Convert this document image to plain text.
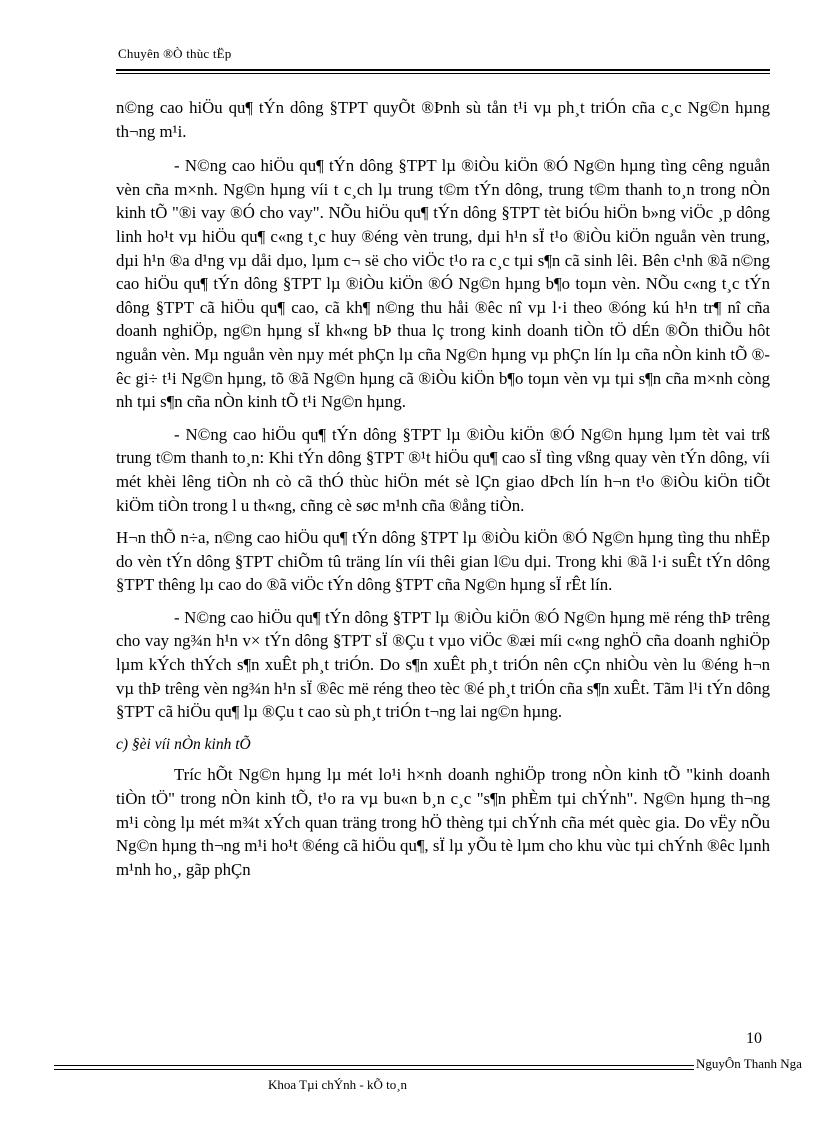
Chuyên ®Ò thùc tËp

n©ng cao hiÖu qu¶ tÝn dông §TPT quyÕt ®Þnh sù tån t¹i vµ ph¸t triÓn cña c¸c Ng©n hµng th¬ng m¹i.

- N©ng cao hiÖu qu¶ tÝn dông §TPT lµ ®iÒu kiÖn ®Ó Ng©n hµng tìng cêng nguån vèn cña m×nh. Ng©n hµng víi t c¸ch lµ trung t©m tÝn dông, trung t©m thanh to¸n trong nÒn kinh tÕ "®i vay ®Ó cho vay". NÕu hiÖu qu¶ tÝn dông §TPT tèt biÓu hiÖn b»ng viÖc ¸p dông linh ho¹t vµ hiÖu qu¶ c«ng t¸c huy ®éng vèn trung, dµi h¹n sÏ t¹o ®iÒu kiÖn nguån vèn trung, dµi h¹n ®a d¹ng vµ dåi dµo, lµm c¬ së cho viÖc t¹o ra c¸c tµi s¶n cã sinh lêi. Bên c¹nh ®ã n©ng cao hiÖu qu¶ tÝn dông §TPT lµ ®iÒu kiÖn ®Ó Ng©n hµng b¶o toµn vèn. NÕu c«ng t¸c tÝn dông §TPT cã hiÖu qu¶ cao, cã kh¶ n©ng thu håi ®êc nî vµ l·i theo ®óng kú h¹n tr¶ nî cña doanh nghiÖp, ng©n hµng sÏ kh«ng bÞ thua lç trong kinh doanh tiÒn tÖ dÉn ®Õn thiÕu hôt nguån vèn. Mµ nguån vèn nµy mét phÇn lµ cña Ng©n hµng vµ phÇn lín lµ cña nÒn kinh tÕ ®êc gi÷ t¹i Ng©n hµng, tõ ®ã Ng©n hµng cã ®iÒu kiÖn b¶o toµn vèn vµ tµi s¶n cña m×nh còng nh tµi s¶n cña nÒn kinh tÕ t¹i Ng©n hµng.

- N©ng cao hiÖu qu¶ tÝn dông §TPT lµ ®iÒu kiÖn ®Ó Ng©n hµng lµm tèt vai trß trung t©m thanh to¸n: Khi tÝn dông §TPT ®¹t hiÖu qu¶ cao sÏ tìng vßng quay vèn tÝn dông, víi mét khèi lêng tiÒn nh cò cã thÓ thùc hiÖn mét sè lÇn giao dÞch lín h¬n t¹o ®iÒu kiÖn tiÕt kiÖm tiÒn trong l u th«ng, cñng cè søc m¹nh cña ®ång tiÒn.

H¬n thÕ n÷a, n©ng cao hiÖu qu¶ tÝn dông §TPT lµ ®iÒu kiÖn ®Ó Ng©n hµng tìng thu nhËp do vèn tÝn dông §TPT chiÕm tû träng lín víi thêi gian l©u dµi. Trong khi ®ã l·i suÊt tÝn dông §TPT thêng lµ cao do ®ã viÖc tÝn dông §TPT cña Ng©n hµng sÏ rÊt lín.

- N©ng cao hiÖu qu¶ tÝn dông §TPT lµ ®iÒu kiÖn ®Ó Ng©n hµng më réng thÞ trêng cho vay ng¾n h¹n v× tÝn dông §TPT sÏ ®Çu t vµo viÖc ®æi míi c«ng nghÖ cña doanh nghiÖp lµm kÝch thÝch s¶n xuÊt ph¸t triÓn. Do s¶n xuÊt ph¸t triÓn nên cÇn nhiÒu vèn lu ®éng h¬n vµ thÞ trêng vèn ng¾n h¹n sÏ ®êc më réng theo tèc ®é ph¸t triÓn cña s¶n xuÊt. Tãm l¹i tÝn dông §TPT cã hiÖu qu¶ lµ ®Çu t cao sù ph¸t triÓn t¬ng lai ng©n hµng.

c) §èi víi nÒn kinh tÕ

Tríc hÕt Ng©n hµng lµ mét lo¹i h×nh doanh nghiÖp trong nÒn kinh tÕ "kinh doanh tiÒn tÖ" trong nÒn kinh tÕ, t¹o ra vµ bu«n b¸n c¸c "s¶n phÈm tµi chÝnh". Ng©n hµng th¬ng m¹i còng lµ mét m¾t xÝch quan träng trong hÖ thèng tµi chÝnh cña mét quèc gia. Do vËy nÕu Ng©n hµng th¬ng m¹i ho¹t ®éng cã hiÖu qu¶, sÏ lµ yÕu tè lµm cho khu vùc tµi chÝnh ®êc lµnh m¹nh ho¸, gãp phÇn

10
NguyÔn Thanh Nga
Khoa Tµi chÝnh - kÕ to¸n
